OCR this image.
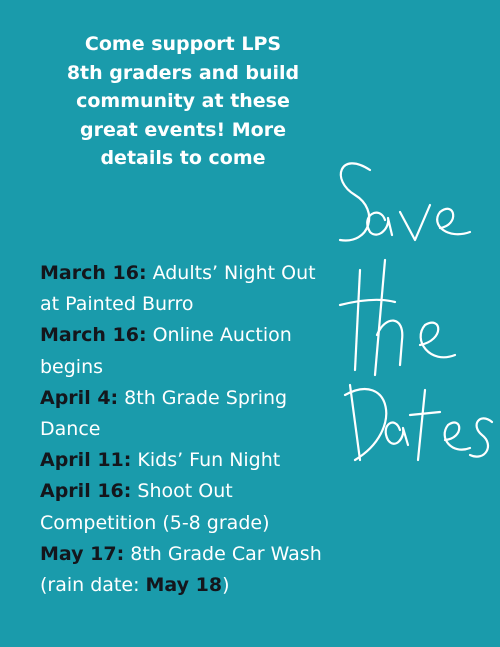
Come support LPS
8th graders and build
community at these
great events! More
details to come
March 16: Adults’ Night Out at Painted Burro
March 16: Online Auction begins
April 4: 8th Grade Spring Dance
April 11: Kids’ Fun Night
April 16: Shoot Out Competition (5-8 grade)
May 17: 8th Grade Car Wash (rain date: May 18)
